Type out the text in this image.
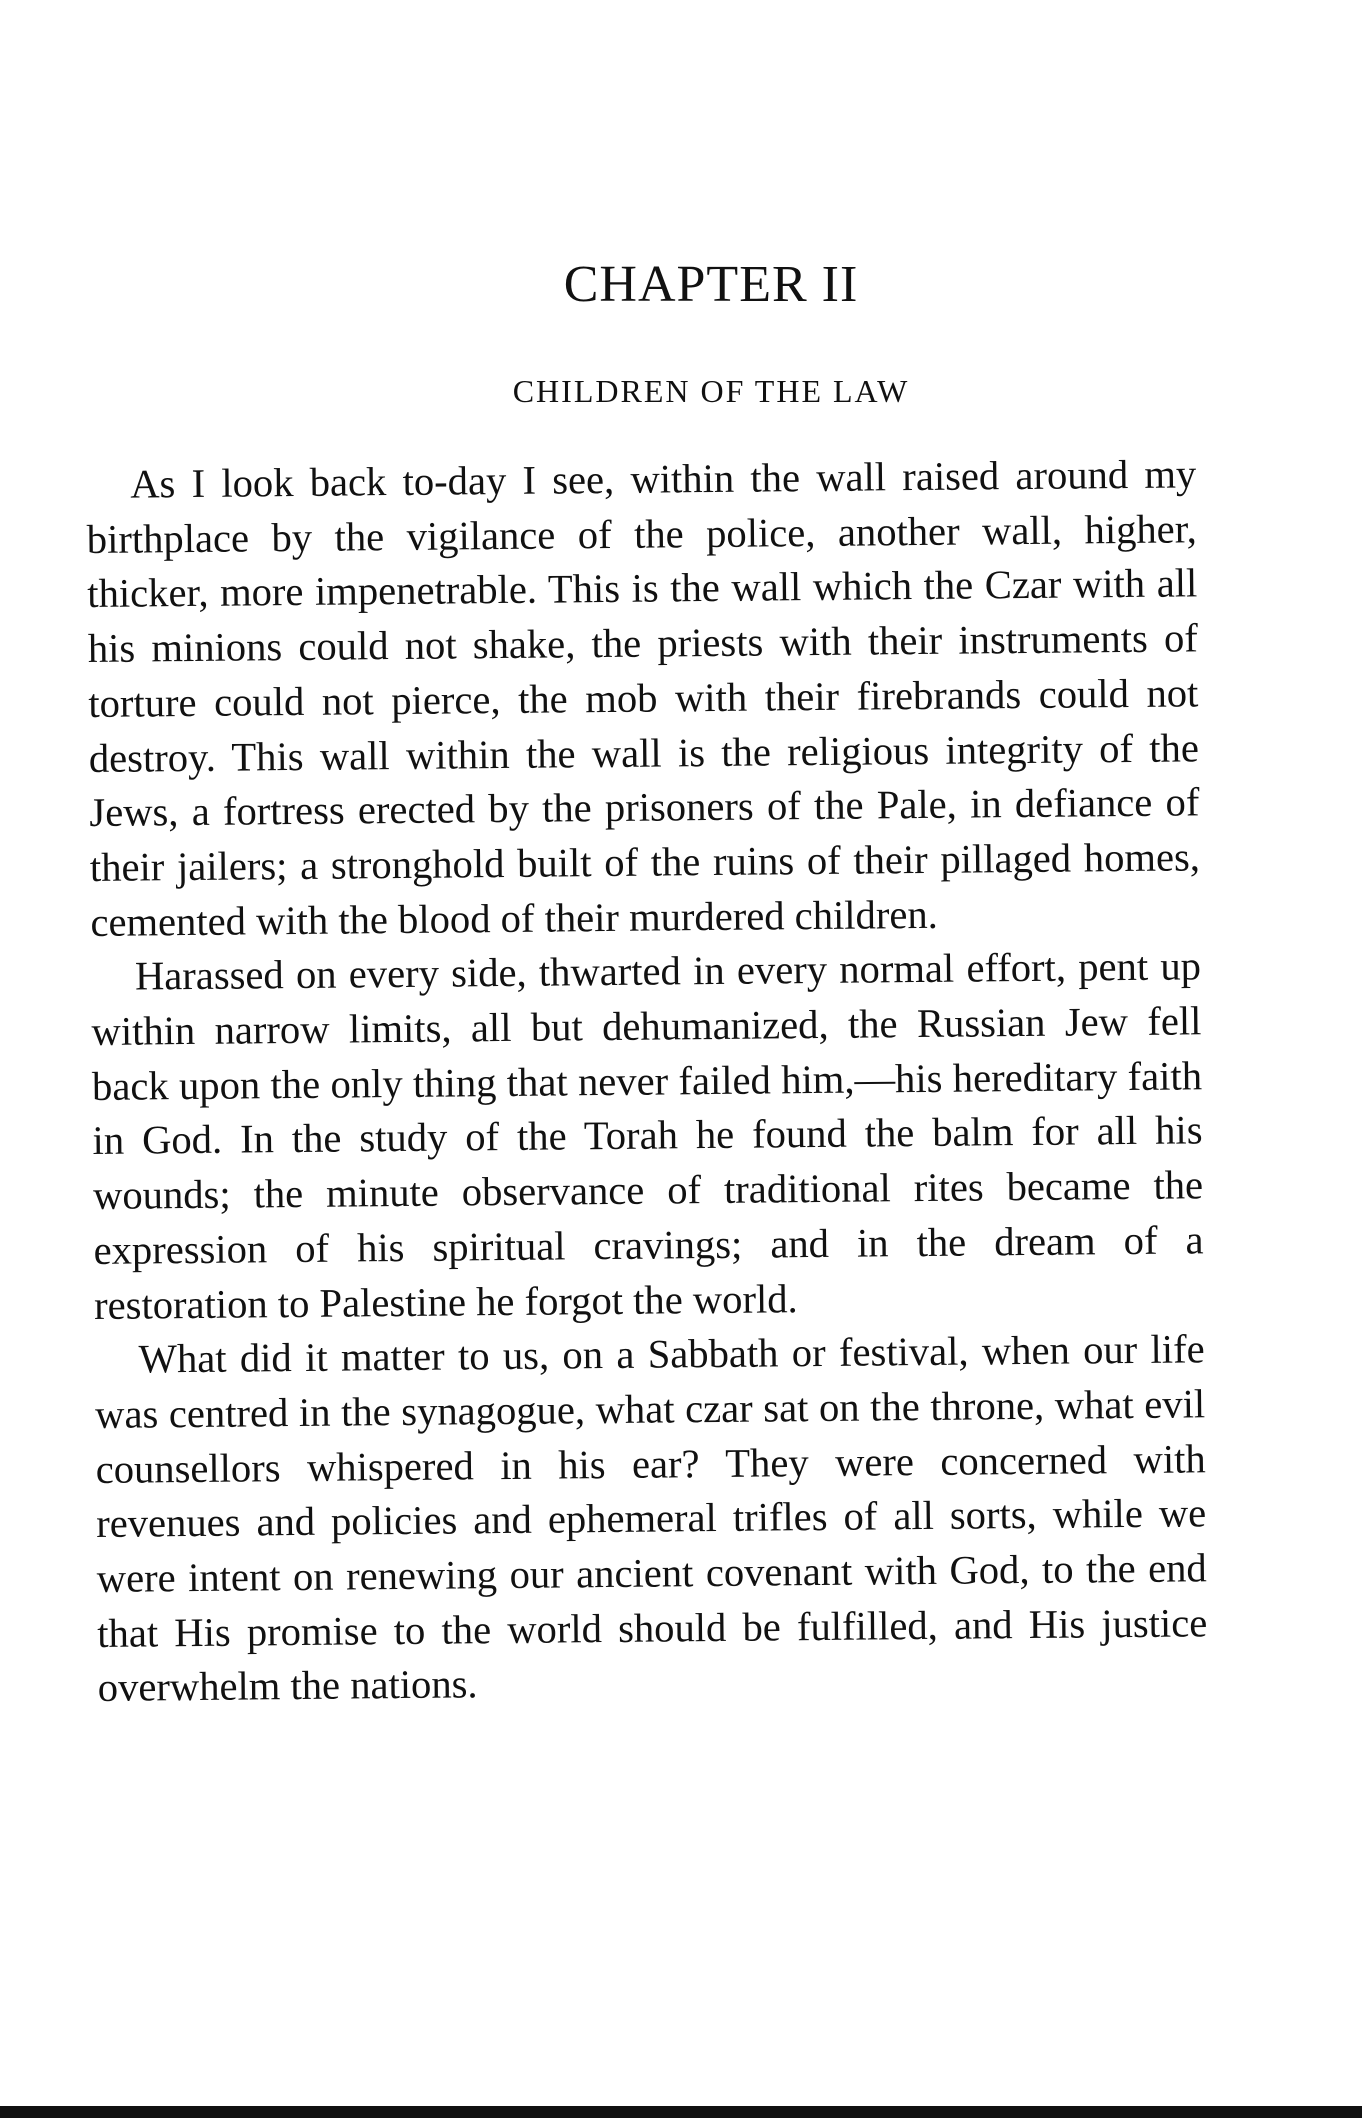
CHAPTER II
CHILDREN OF THE LAW

As I look back to-day I see, within the wall raised around my birthplace by the vigilance of the police, another wall, higher, thicker, more impenetrable. This is the wall which the Czar with all his minions could not shake, the priests with their instruments of torture could not pierce, the mob with their firebrands could not destroy. This wall within the wall is the religious integrity of the Jews, a fortress erected by the prisoners of the Pale, in defiance of their jailers; a stronghold built of the ruins of their pillaged homes, cemented with the blood of their murdered children.

Harassed on every side, thwarted in every normal effort, pent up within narrow limits, all but dehumanized, the Russian Jew fell back upon the only thing that never failed him,—his hereditary faith in God. In the study of the Torah he found the balm for all his wounds; the minute observance of traditional rites became the expression of his spiritual cravings; and in the dream of a restoration to Palestine he forgot the world.

What did it matter to us, on a Sabbath or festival, when our life was centred in the synagogue, what czar sat on the throne, what evil counsellors whispered in his ear? They were concerned with revenues and policies and ephemeral trifles of all sorts, while we were intent on renewing our ancient covenant with God, to the end that His promise to the world should be fulfilled, and His justice overwhelm the nations.
